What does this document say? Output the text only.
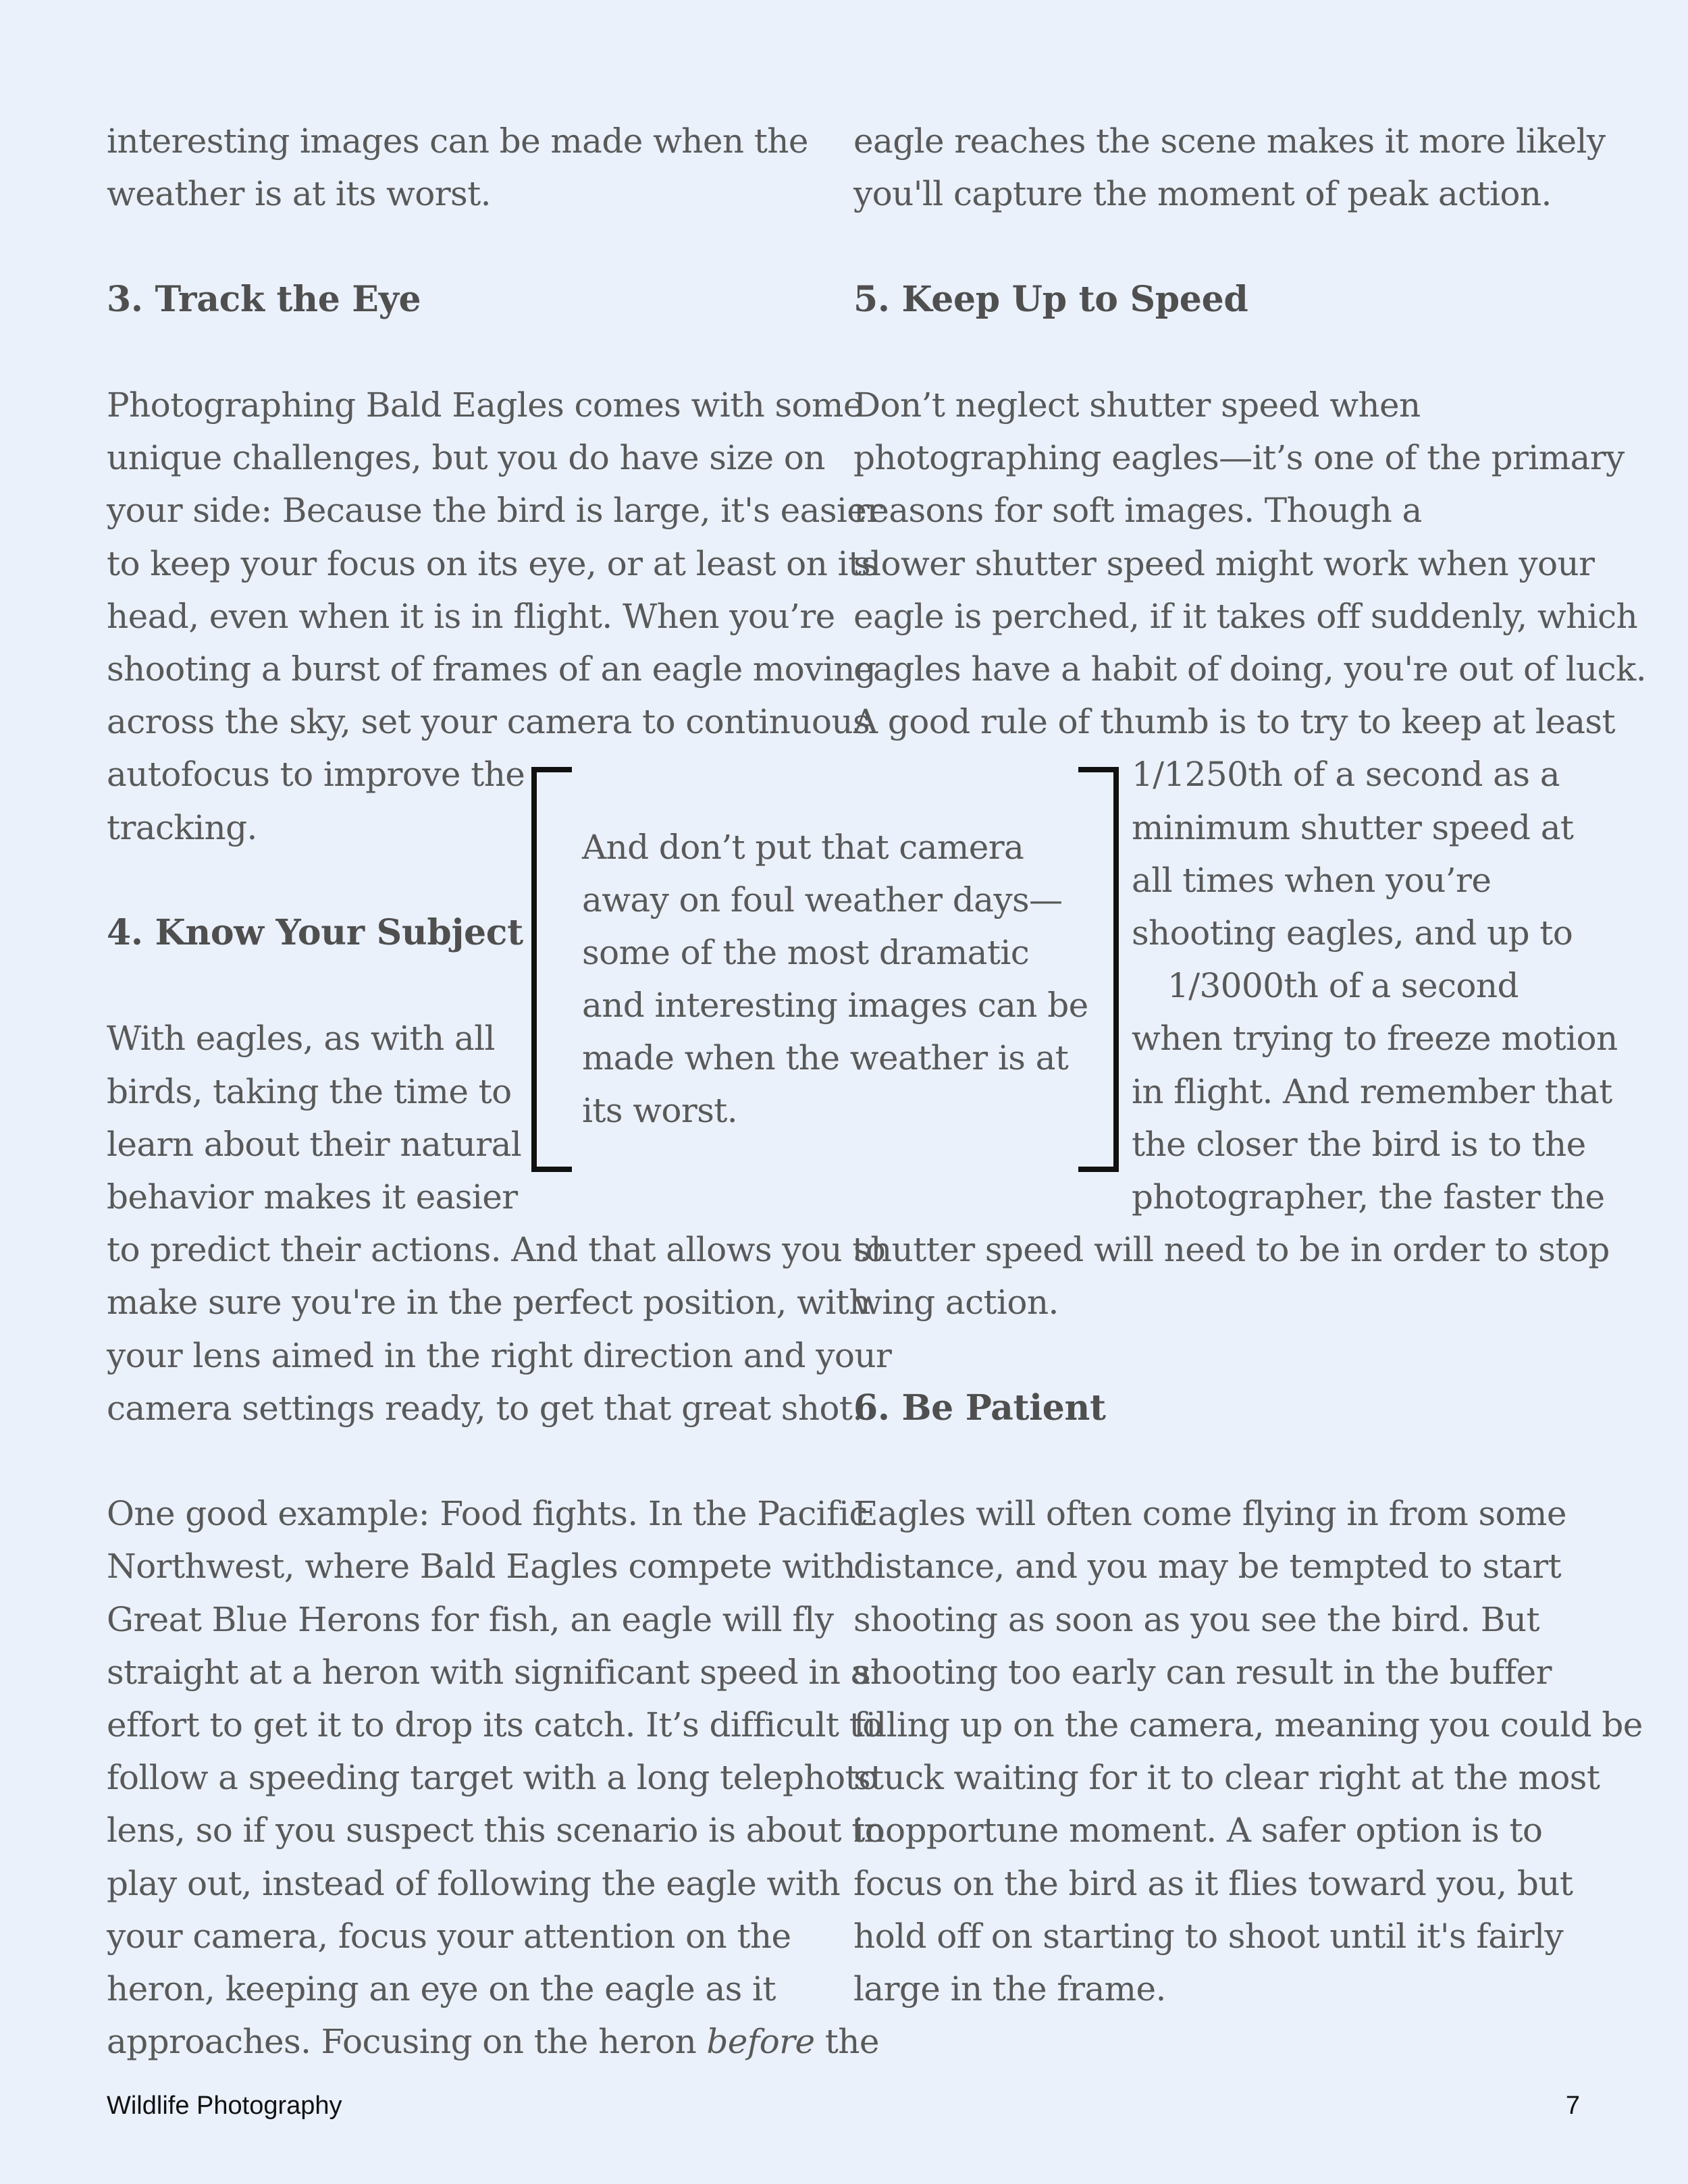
interesting images can be made when the
weather is at its worst.
3. Track the Eye
Photographing Bald Eagles comes with some
unique challenges, but you do have size on
your side: Because the bird is large, it's easier
to keep your focus on its eye, or at least on its
head, even when it is in flight. When you’re
shooting a burst of frames of an eagle moving
across the sky, set your camera to continuous
autofocus to improve the
tracking.
4. Know Your Subject
With eagles, as with all
birds, taking the time to
learn about their natural
behavior makes it easier
to predict their actions. And that allows you to
make sure you're in the perfect position, with
your lens aimed in the right direction and your
camera settings ready, to get that great shot.
One good example: Food fights. In the Pacific
Northwest, where Bald Eagles compete with
Great Blue Herons for fish, an eagle will fly
straight at a heron with significant speed in an
effort to get it to drop its catch. It’s difficult to
follow a speeding target with a long telephoto
lens, so if you suspect this scenario is about to
play out, instead of following the eagle with
your camera, focus your attention on the
heron, keeping an eye on the eagle as it
approaches. Focusing on the heron before the
eagle reaches the scene makes it more likely
you'll capture the moment of peak action.
5. Keep Up to Speed
Don’t neglect shutter speed when
photographing eagles—it’s one of the primary
reasons for soft images. Though a
slower shutter speed might work when your
eagle is perched, if it takes off suddenly, which
eagles have a habit of doing, you're out of luck.
A good rule of thumb is to try to keep at least
1/1250th of a second as a
minimum shutter speed at
all times when you’re
shooting eagles, and up to
1/3000th of a second
when trying to freeze motion
in flight. And remember that
the closer the bird is to the
photographer, the faster the
shutter speed will need to be in order to stop
wing action.
6. Be Patient
Eagles will often come flying in from some
distance, and you may be tempted to start
shooting as soon as you see the bird. But
shooting too early can result in the buffer
filling up on the camera, meaning you could be
stuck waiting for it to clear right at the most
inopportune moment. A safer option is to
focus on the bird as it flies toward you, but
hold off on starting to shoot until it's fairly
large in the frame.
And don’t put that camera
away on foul weather days—
some of the most dramatic
and interesting images can be
made when the weather is at
its worst.
Wildlife Photography	7
